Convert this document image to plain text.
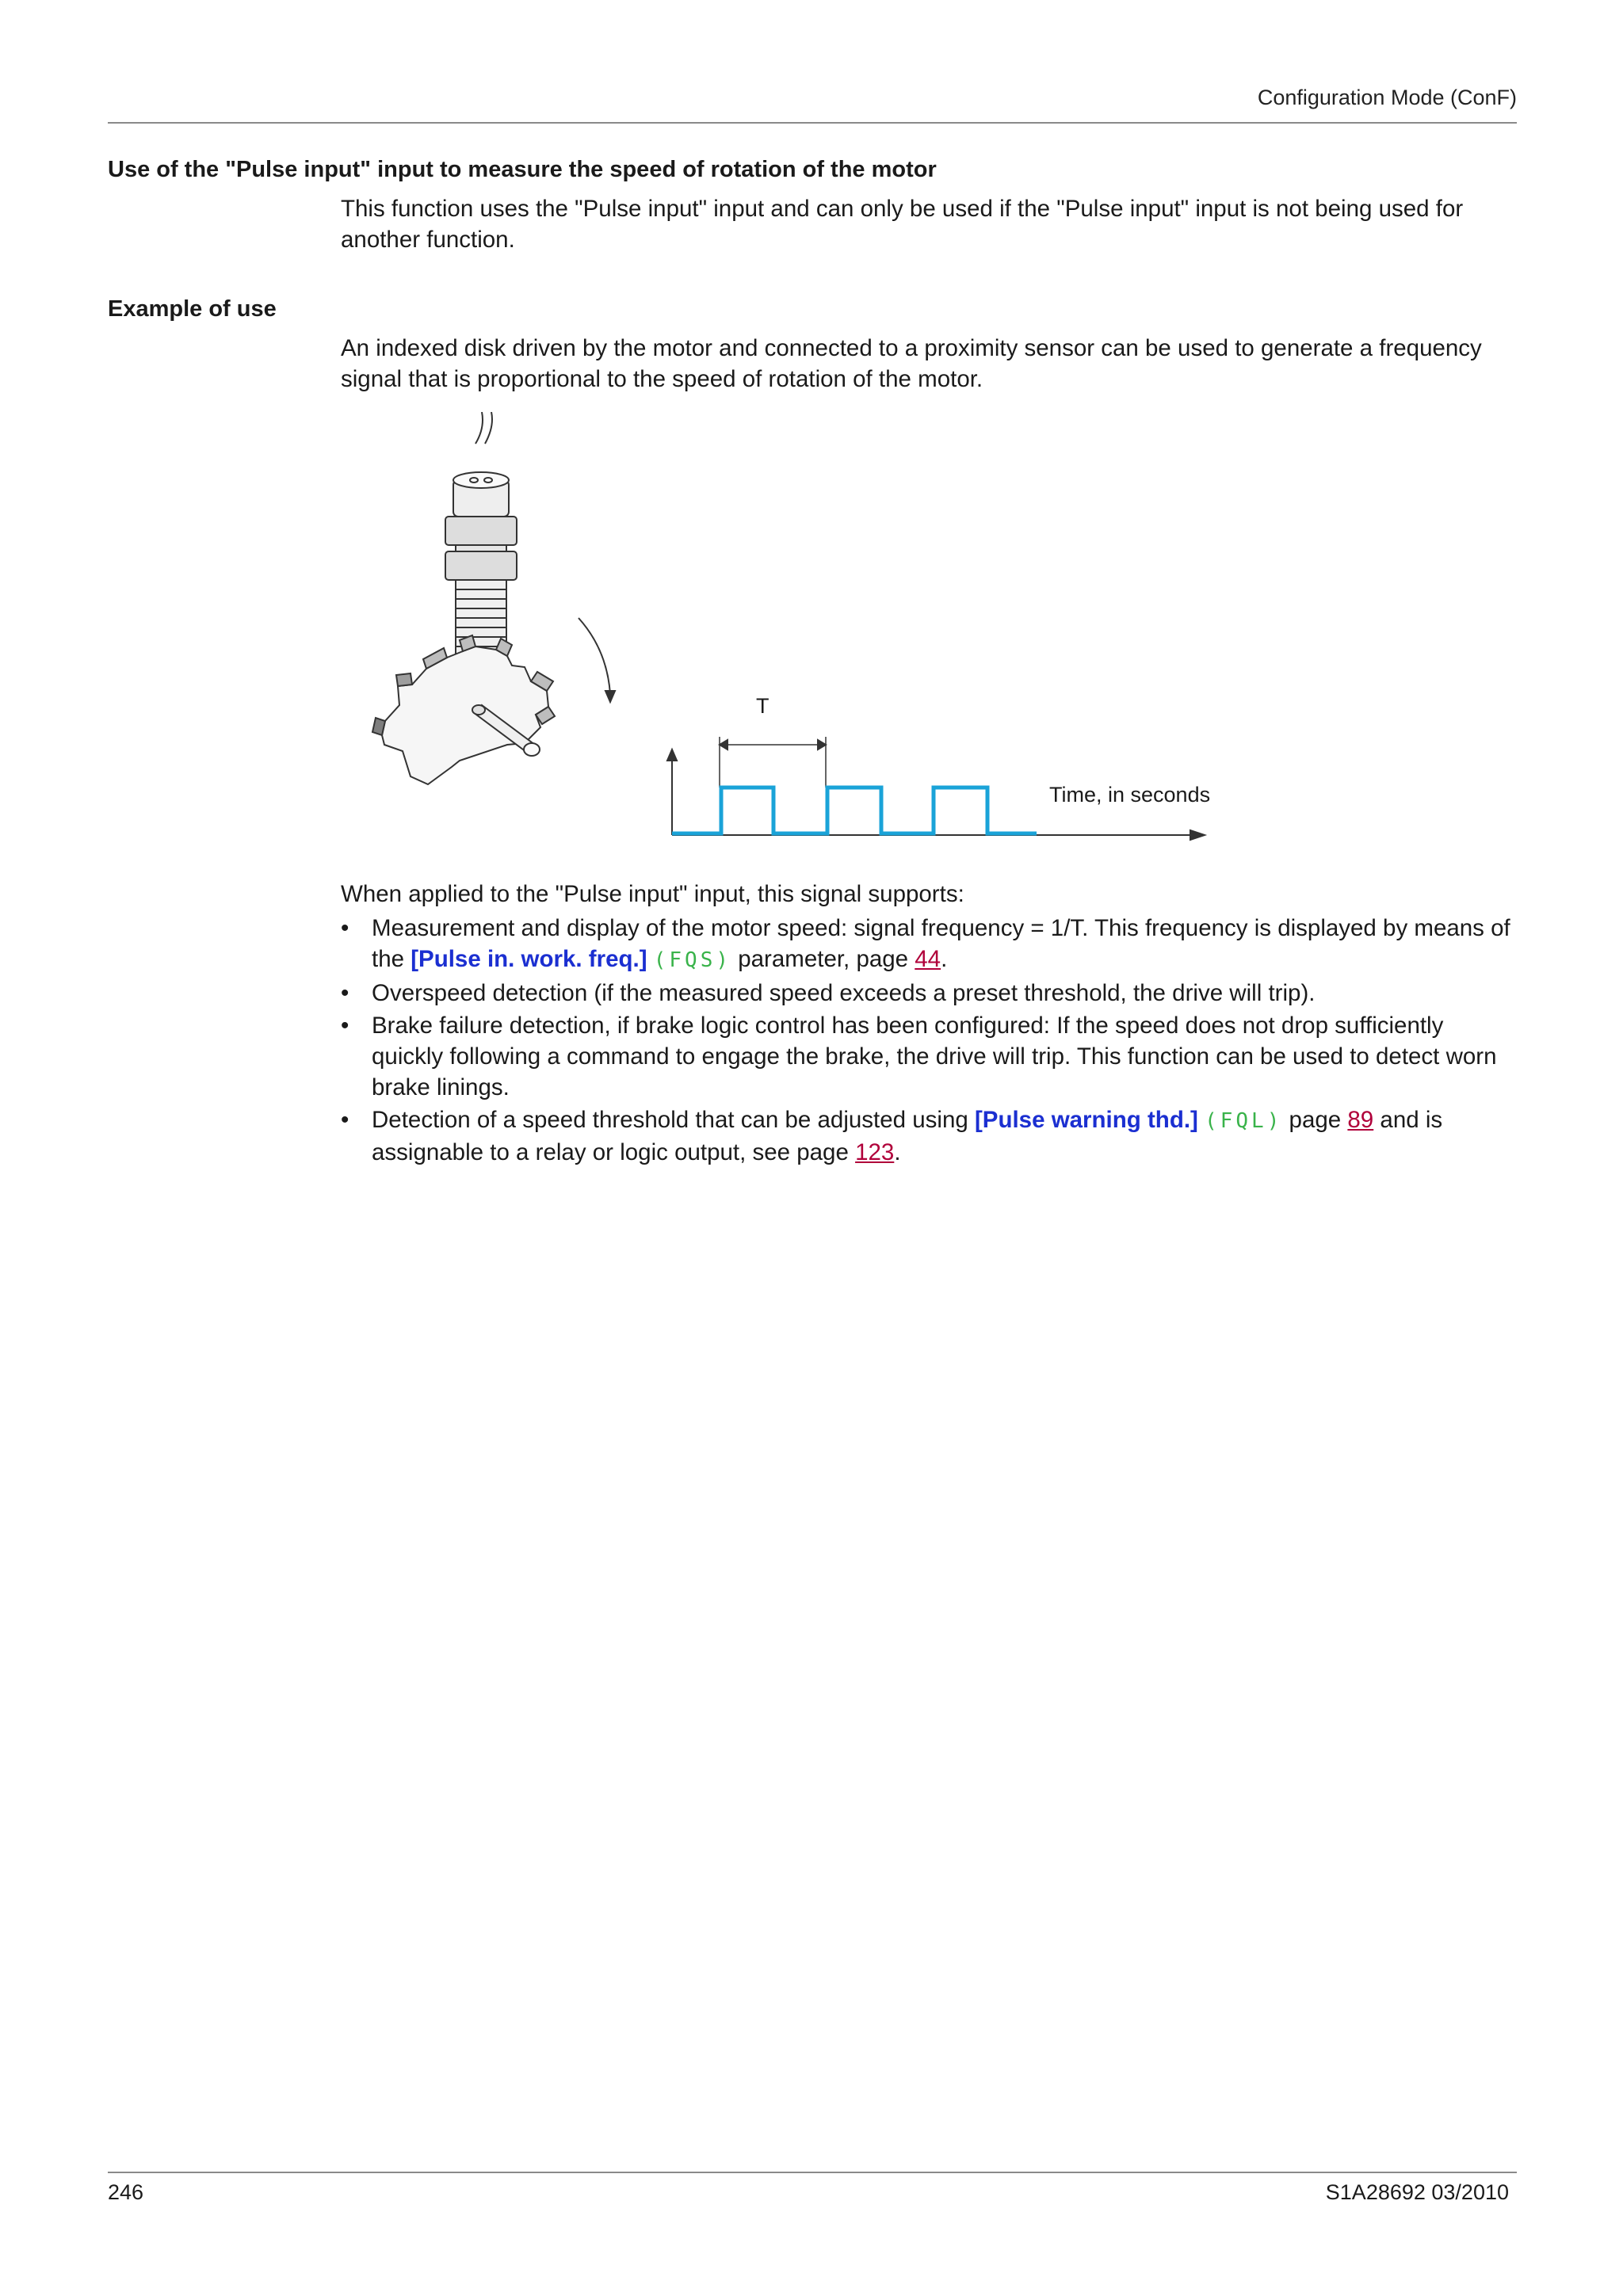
Configuration Mode (ConF)
Use of the "Pulse input" input to measure the speed of rotation of the motor

This function uses the "Pulse input" input and can only be used if the "Pulse input" input is not being used for another function.

Example of use

An indexed disk driven by the motor and connected to a proximity sensor can be used to generate a frequency signal that is proportional to the speed of rotation of the motor.

T
Time, in seconds

When applied to the "Pulse input" input, this signal supports:

• Measurement and display of the motor speed: signal frequency = 1/T. This frequency is displayed by means of the [Pulse in. work. freq.] (FQS) parameter, page 44.
• Overspeed detection (if the measured speed exceeds a preset threshold, the drive will trip).
• Brake failure detection, if brake logic control has been configured: If the speed does not drop sufficiently quickly following a command to engage the brake, the drive will trip. This function can be used to detect worn brake linings.
• Detection of a speed threshold that can be adjusted using [Pulse warning thd.] (FQL) page 89 and is assignable to a relay or logic output, see page 123.
246	S1A28692 03/2010
